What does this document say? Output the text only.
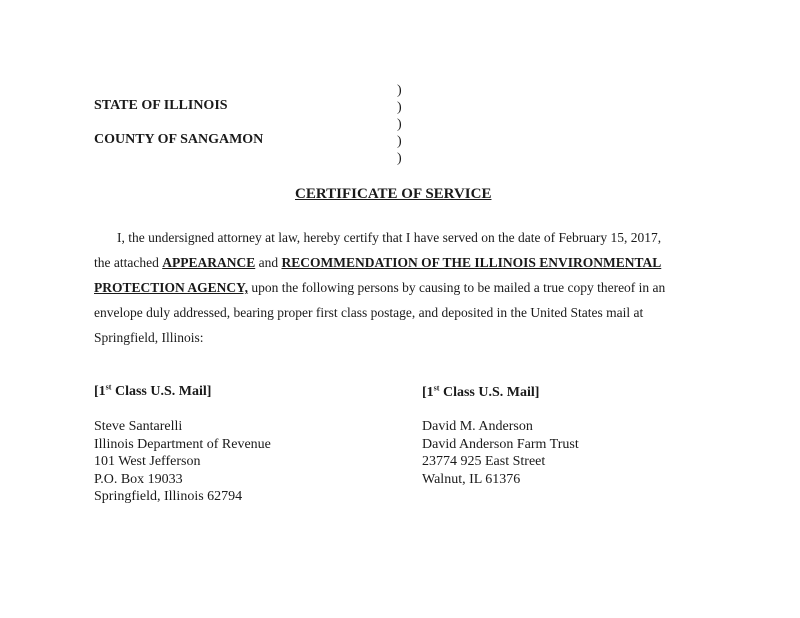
STATE OF ILLINOIS
COUNTY OF SANGAMON
)
)
)
)
)
CERTIFICATE OF SERVICE
I, the undersigned attorney at law, hereby certify that I have served on the date of February 15, 2017,
the attached APPEARANCE and RECOMMENDATION OF THE ILLINOIS ENVIRONMENTAL
PROTECTION AGENCY, upon the following persons by causing to be mailed a true copy thereof in an
envelope duly addressed, bearing proper first class postage, and deposited in the United States mail at
Springfield, Illinois:
[1st Class U.S. Mail]
Steve Santarelli
Illinois Department of Revenue
101 West Jefferson
P.O. Box 19033
Springfield, Illinois 62794
[1st Class U.S. Mail]
David M. Anderson
David Anderson Farm Trust
23774 925 East Street
Walnut, IL 61376
